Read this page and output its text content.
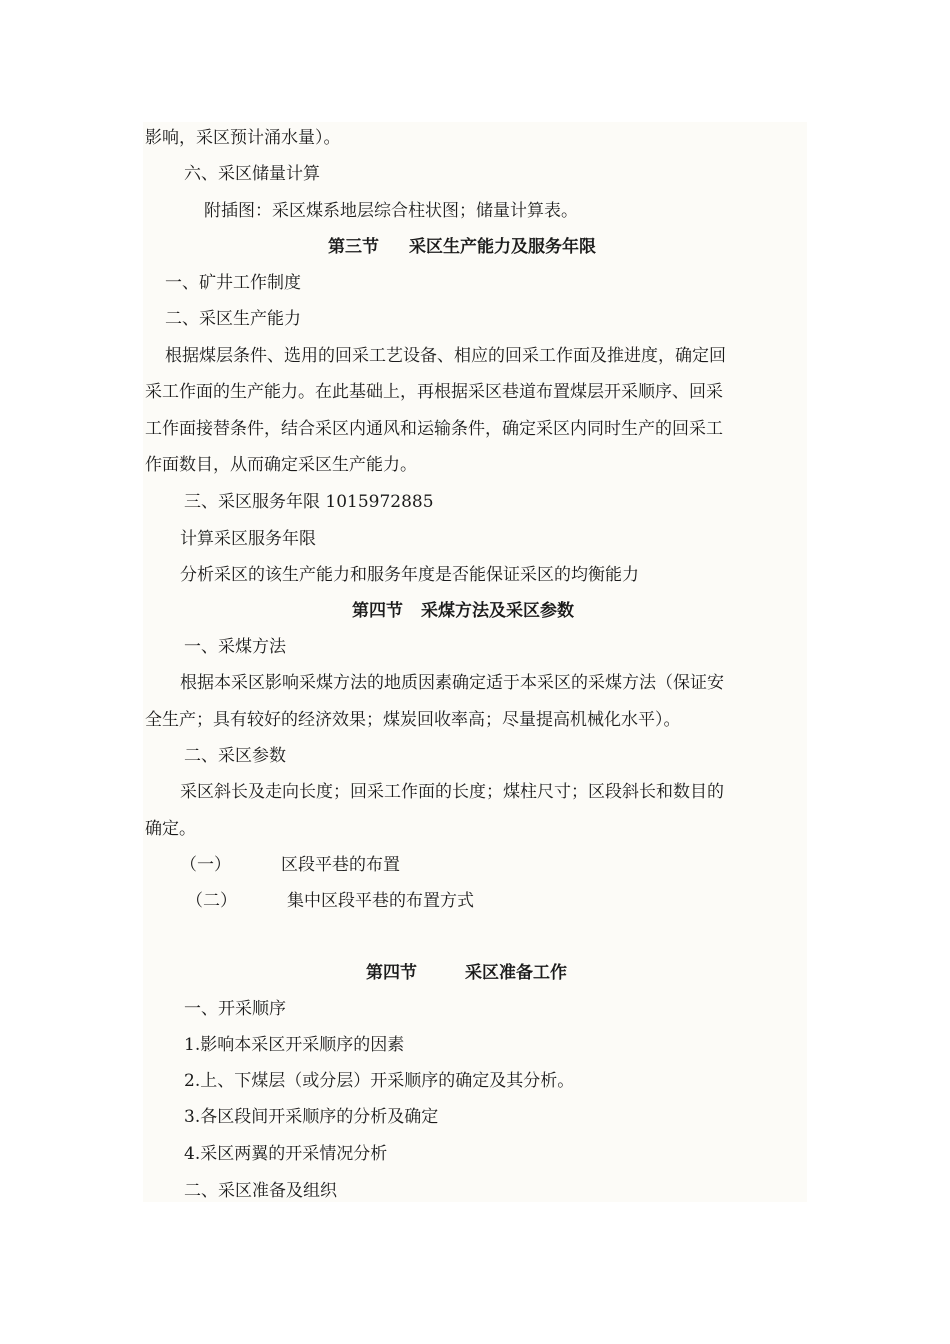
影响，采区预计涌水量）。
六、采区储量计算
附插图：采区煤系地层综合柱状图；储量计算表。
第三节 采区生产能力及服务年限
一、矿井工作制度
二、采区生产能力
根据煤层条件、选用的回采工艺设备、相应的回采工作面及推进度，确定回
采工作面的生产能力。在此基础上，再根据采区巷道布置煤层开采顺序、回采
工作面接替条件，结合采区内通风和运输条件，确定采区内同时生产的回采工
作面数目，从而确定采区生产能力。
三、采区服务年限 1015972885
计算采区服务年限
分析采区的该生产能力和服务年度是否能保证采区的均衡能力
第四节 采煤方法及采区参数
一、采煤方法
根据本采区影响采煤方法的地质因素确定适于本采区的采煤方法（保证安
全生产；具有较好的经济效果；煤炭回收率高；尽量提高机械化水平）。
二、采区参数
采区斜长及走向长度；回采工作面的长度；煤柱尺寸；区段斜长和数目的
确定。
（一）	区段平巷的布置
（二）	集中区段平巷的布置方式
第四节	采区准备工作
一、开采顺序
1.影响本采区开采顺序的因素
2.上、下煤层（或分层）开采顺序的确定及其分析。
3.各区段间开采顺序的分析及确定
4.采区两翼的开采情况分析
二、采区准备及组织
